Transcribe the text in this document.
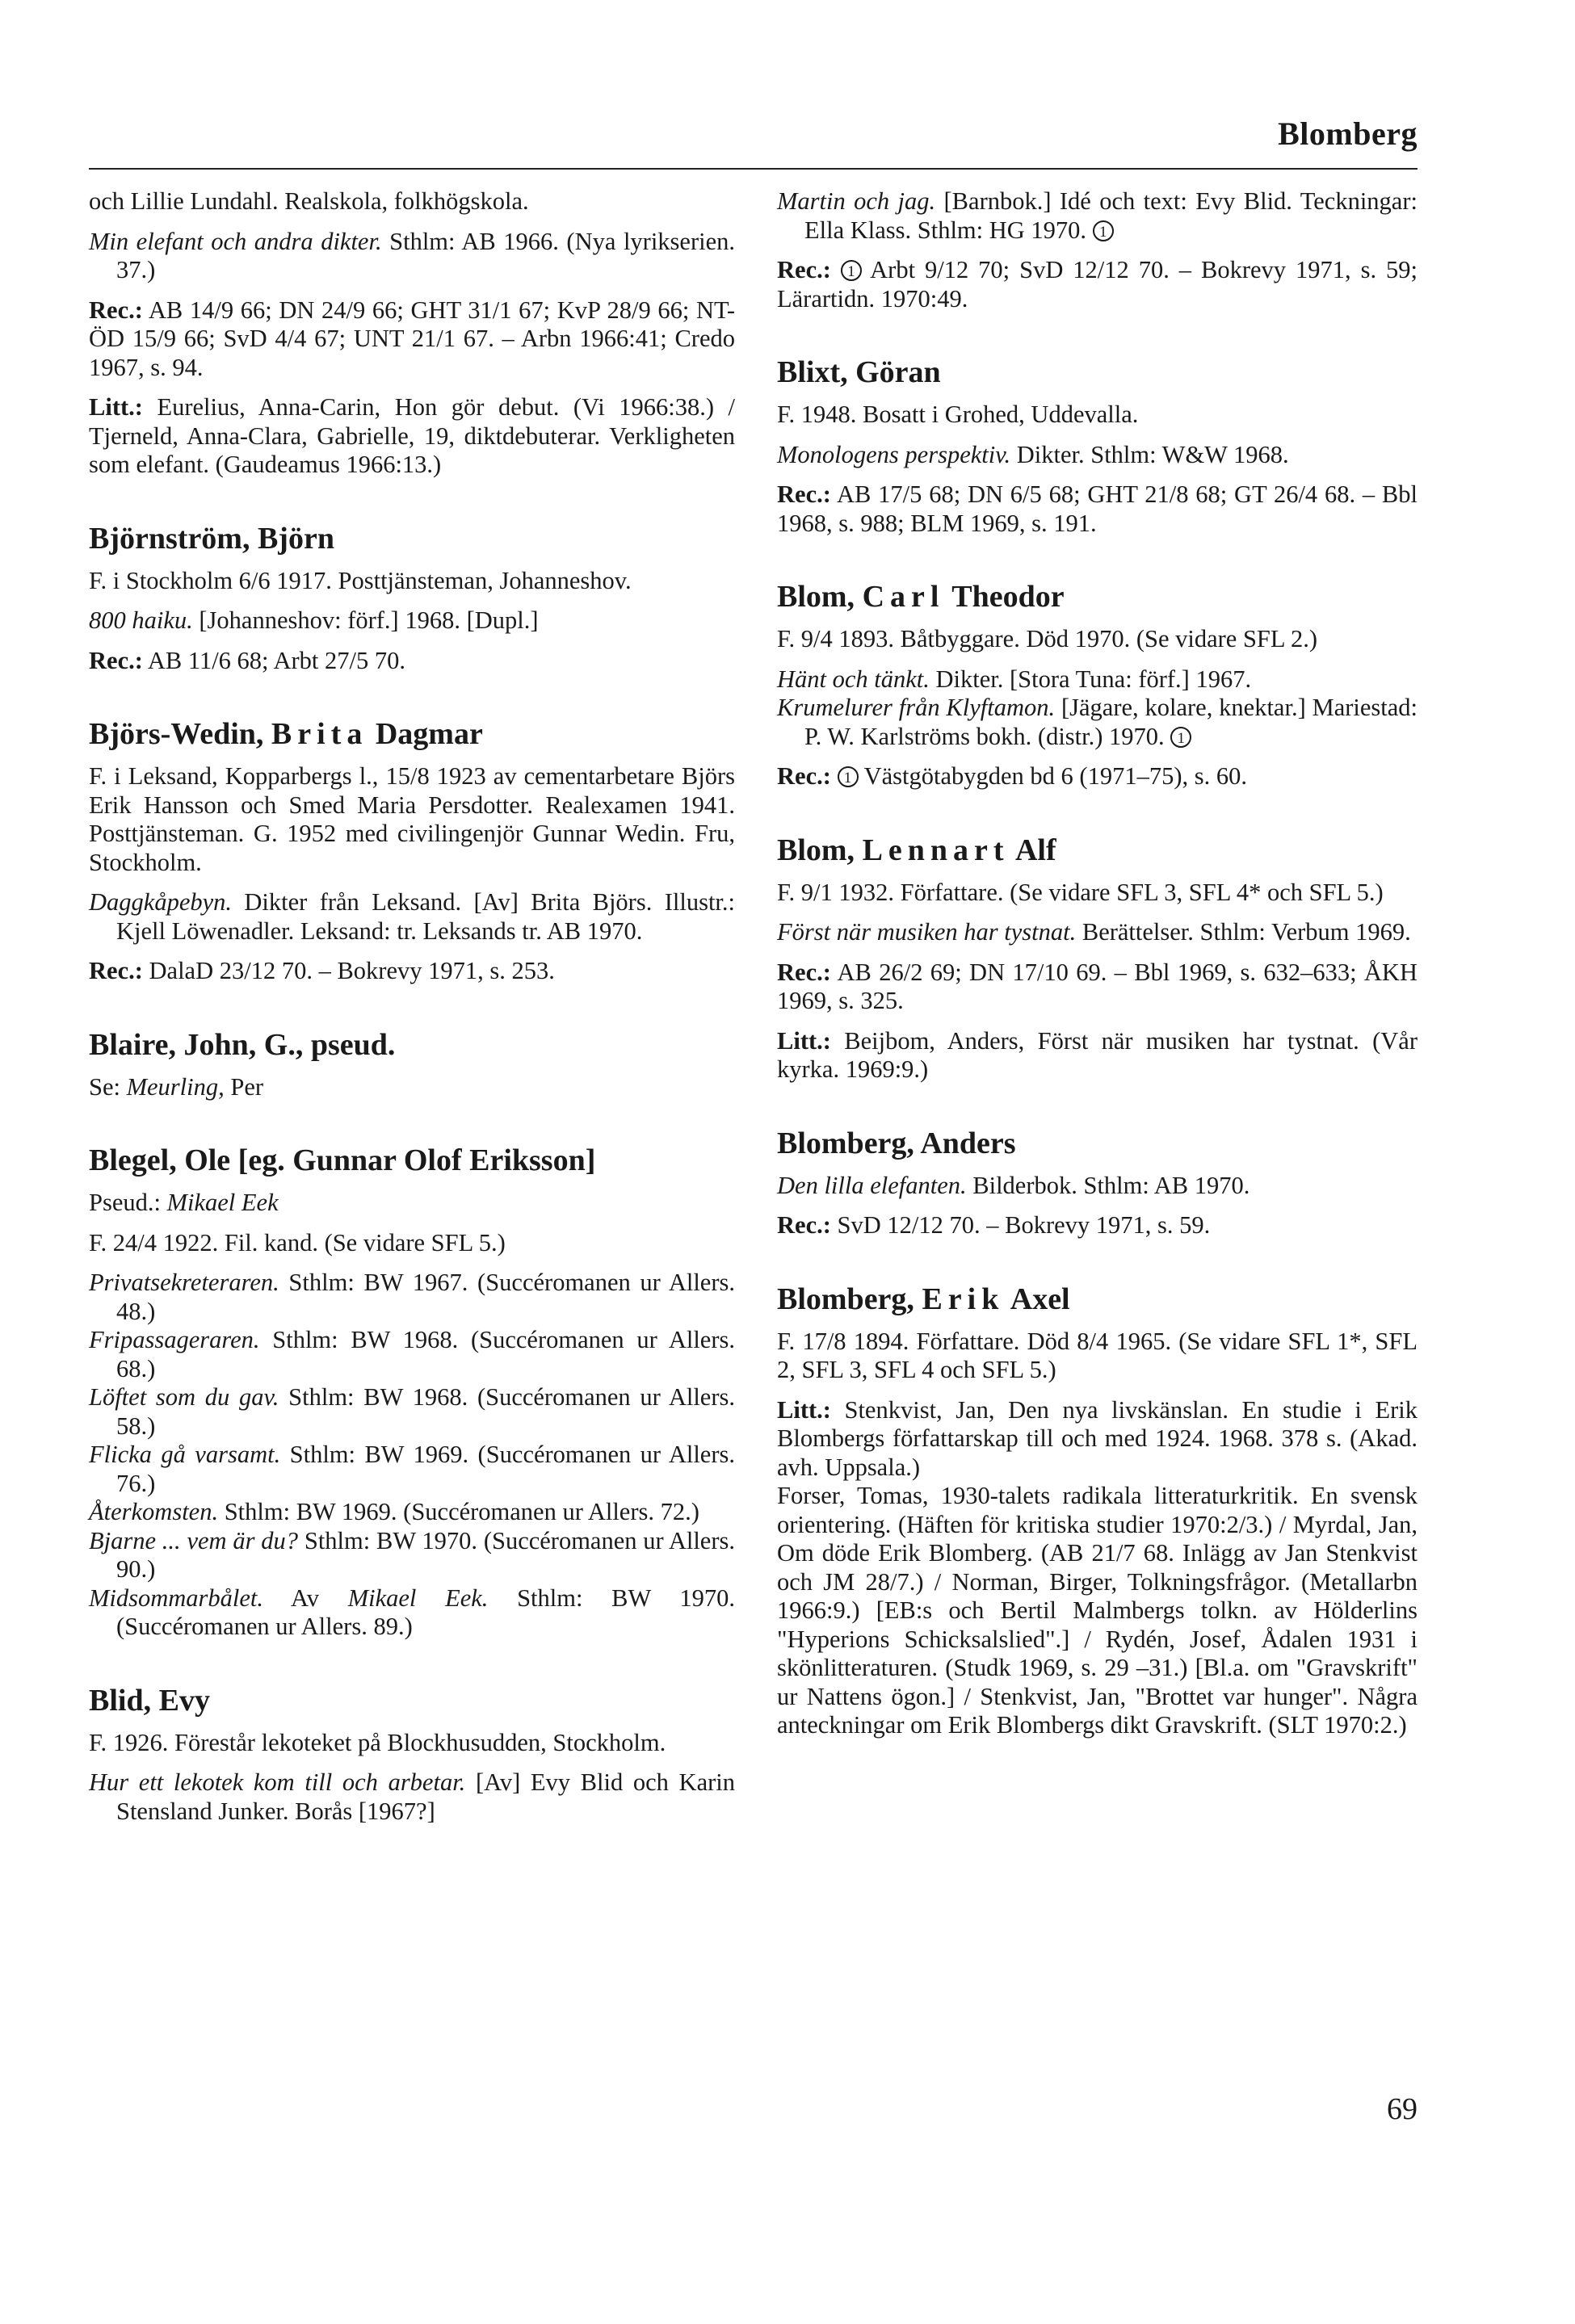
Blomberg

och Lillie Lundahl. Realskola, folkhögskola.

Min elefant och andra dikter. Sthlm: AB 1966. (Nya lyrikserien. 37.)

Rec.: AB 14/9 66; DN 24/9 66; GHT 31/1 67; KvP 28/9 66; NT-ÖD 15/9 66; SvD 4/4 67; UNT 21/1 67. – Arbn 1966:41; Credo 1967, s. 94.

Litt.: Eurelius, Anna-Carin, Hon gör debut. (Vi 1966:38.) / Tjerneld, Anna-Clara, Gabrielle, 19, diktdebuterar. Verkligheten som elefant. (Gaudeamus 1966:13.)

Björnström, Björn

F. i Stockholm 6/6 1917. Posttjänsteman, Johanneshov.

800 haiku. [Johanneshov: förf.] 1968. [Dupl.]

Rec.: AB 11/6 68; Arbt 27/5 70.

Björs-Wedin, Brita Dagmar

F. i Leksand, Kopparbergs l., 15/8 1923 av cementarbetare Björs Erik Hansson och Smed Maria Persdotter. Realexamen 1941. Posttjänsteman. G. 1952 med civilingenjör Gunnar Wedin. Fru, Stockholm.

Daggkåpebyn. Dikter från Leksand. [Av] Brita Björs. Illustr.: Kjell Löwenadler. Leksand: tr. Leksands tr. AB 1970.

Rec.: DalaD 23/12 70. – Bokrevy 1971, s. 253.

Blaire, John, G., pseud.

Se: Meurling, Per

Blegel, Ole [eg. Gunnar Olof Eriksson]

Pseud.: Mikael Eek

F. 24/4 1922. Fil. kand. (Se vidare SFL 5.)

Privatsekreteraren. Sthlm: BW 1967. (Succéromanen ur Allers. 48.)

Fripassageraren. Sthlm: BW 1968. (Succéromanen ur Allers. 68.)

Löftet som du gav. Sthlm: BW 1968. (Succéromanen ur Allers. 58.)

Flicka gå varsamt. Sthlm: BW 1969. (Succéromanen ur Allers. 76.)

Återkomsten. Sthlm: BW 1969. (Succéromanen ur Allers. 72.)

Bjarne ... vem är du? Sthlm: BW 1970. (Succéromanen ur Allers. 90.)

Midsommarbålet. Av Mikael Eek. Sthlm: BW 1970. (Succéromanen ur Allers. 89.)

Blid, Evy

F. 1926. Förestår lekoteket på Blockhusudden, Stockholm.

Hur ett lekotek kom till och arbetar. [Av] Evy Blid och Karin Stensland Junker. Borås [1967?]

Martin och jag. [Barnbok.] Idé och text: Evy Blid. Teckningar: Ella Klass. Sthlm: HG 1970. 1

Rec.: 1 Arbt 9/12 70; SvD 12/12 70. – Bokrevy 1971, s. 59; Lärartidn. 1970:49.

Blixt, Göran

F. 1948. Bosatt i Grohed, Uddevalla.

Monologens perspektiv. Dikter. Sthlm: W&W 1968.

Rec.: AB 17/5 68; DN 6/5 68; GHT 21/8 68; GT 26/4 68. – Bbl 1968, s. 988; BLM 1969, s. 191.

Blom, Carl Theodor

F. 9/4 1893. Båtbyggare. Död 1970. (Se vidare SFL 2.)

Hänt och tänkt. Dikter. [Stora Tuna: förf.] 1967.

Krumelurer från Klyftamon. [Jägare, kolare, knektar.] Mariestad: P. W. Karlströms bokh. (distr.) 1970. 1

Rec.: 1 Västgötabygden bd 6 (1971–75), s. 60.

Blom, Lennart Alf

F. 9/1 1932. Författare. (Se vidare SFL 3, SFL 4* och SFL 5.)

Först när musiken har tystnat. Berättelser. Sthlm: Verbum 1969.

Rec.: AB 26/2 69; DN 17/10 69. – Bbl 1969, s. 632–633; ÅKH 1969, s. 325.

Litt.: Beijbom, Anders, Först när musiken har tystnat. (Vår kyrka. 1969:9.)

Blomberg, Anders

Den lilla elefanten. Bilderbok. Sthlm: AB 1970.

Rec.: SvD 12/12 70. – Bokrevy 1971, s. 59.

Blomberg, Erik Axel

F. 17/8 1894. Författare. Död 8/4 1965. (Se vidare SFL 1*, SFL 2, SFL 3, SFL 4 och SFL 5.)

Litt.: Stenkvist, Jan, Den nya livskänslan. En studie i Erik Blombergs författarskap till och med 1924. 1968. 378 s. (Akad. avh. Uppsala.)

Forser, Tomas, 1930-talets radikala litteraturkritik. En svensk orientering. (Häften för kritiska studier 1970:2/3.) / Myrdal, Jan, Om döde Erik Blomberg. (AB 21/7 68. Inlägg av Jan Stenkvist och JM 28/7.) / Norman, Birger, Tolkningsfrågor. (Metallarbn 1966:9.) [EB:s och Bertil Malmbergs tolkn. av Hölderlins "Hyperions Schicksalslied".] / Rydén, Josef, Ådalen 1931 i skönlitteraturen. (Studk 1969, s. 29 –31.) [Bl.a. om "Gravskrift" ur Nattens ögon.] / Stenkvist, Jan, "Brottet var hunger". Några anteckningar om Erik Blombergs dikt Gravskrift. (SLT 1970:2.)

69
